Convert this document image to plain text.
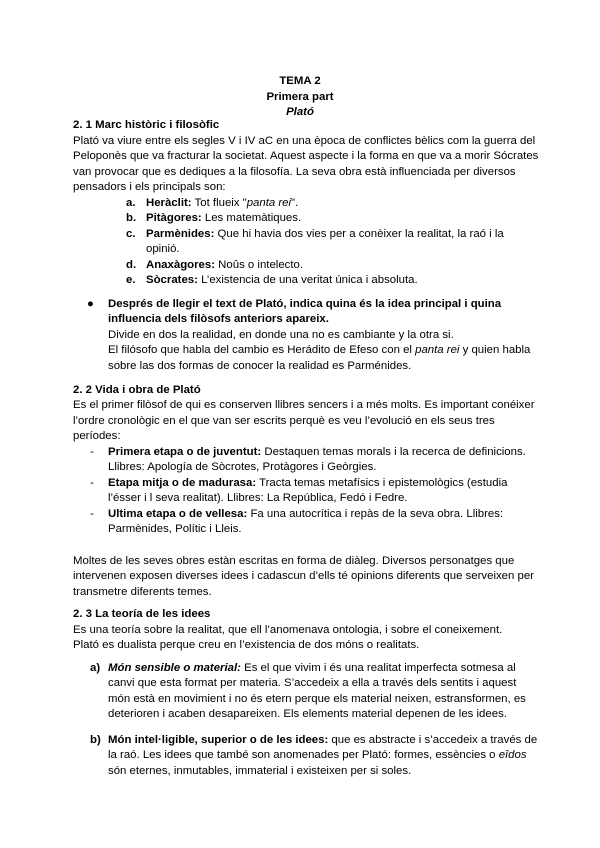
TEMA 2
Primera part
Plató
2. 1 Marc històric i filosòfic
Plató va viure entre els segles V i IV aC en una època de conflictes bèlics com la guerra del
Peloponès que va fracturar la societat. Aquest aspecte i la forma en que va a morir Sócrates
van provocar que es dediques a la filosofía. La seva obra està influenciada per diversos
pensadors i els principals son:
a. Heràclit: Tot flueix "panta rei".
b. Pitàgores: Les matemàtiques.
c. Parmènides: Que hi havia dos vies per a conèixer la realitat, la raó i la
opinió.
d. Anaxàgores: Noûs o intelecto.
e. Sòcrates: L’existencia de una veritat única i absoluta.
● Després de llegir el text de Plató, indica quina és la idea principal i quina
influencia dels filòsofs anteriors apareix.
Divide en dos la realidad, en donde una no es cambiante y la otra si.
El filósofo que habla del cambio es Herádito de Efeso con el panta rei y quien habla
sobre las dos formas de conocer la realidad es Parménides.
2. 2 Vida i obra de Plató
Es el primer filòsof de qui es conserven llibres sencers i a més molts. Es important conéixer
l’ordre cronològic en el que van ser escrits perquè es veu l’evolució en els seus tres
períodes:
- Primera etapa o de juventut: Destaquen temas morals i la recerca de definicions.
Llibres: Apología de Sòcrotes, Protàgores i Geòrgies.
- Etapa mitja o de madurasa: Tracta temas metafísics i epistemològics (estudia
l’ésser i l seva realitat). Llibres: La República, Fedó i Fedre.
- Ultima etapa o de vellesa: Fa una autocrítica i repàs de la seva obra. Llibres:
Parmènides, Polític i Lleis.
Moltes de les seves obres estàn escritas en forma de diàleg. Diversos personatges que
intervenen exposen diverses idees i cadascun d’ells té opinions diferents que serveixen per
transmetre diferents temes.
2. 3 La teoría de les idees
Es una teoría sobre la realitat, que ell l’anomenava ontologia, i sobre el coneixement.
Plató es dualista perque creu en l’existencia de dos móns o realitats.
a) Món sensible o material: Es el que vivim i és una realitat imperfecta sotmesa al
canvi que esta format per materia. S’accedeix a ella a través dels sentits i aquest
món està en movimient i no és etern perque els material neixen, estransformen, es
deterioren i acaben desapareixen. Els elements material depenen de les idees.
b) Món intel·ligible, superior o de les idees: que es abstracte i s’accedeix a través de
la raó. Les idees que també son anomenades per Plató: formes, essències o eîdos
són eternes, inmutables, immaterial i existeixen per si soles.
